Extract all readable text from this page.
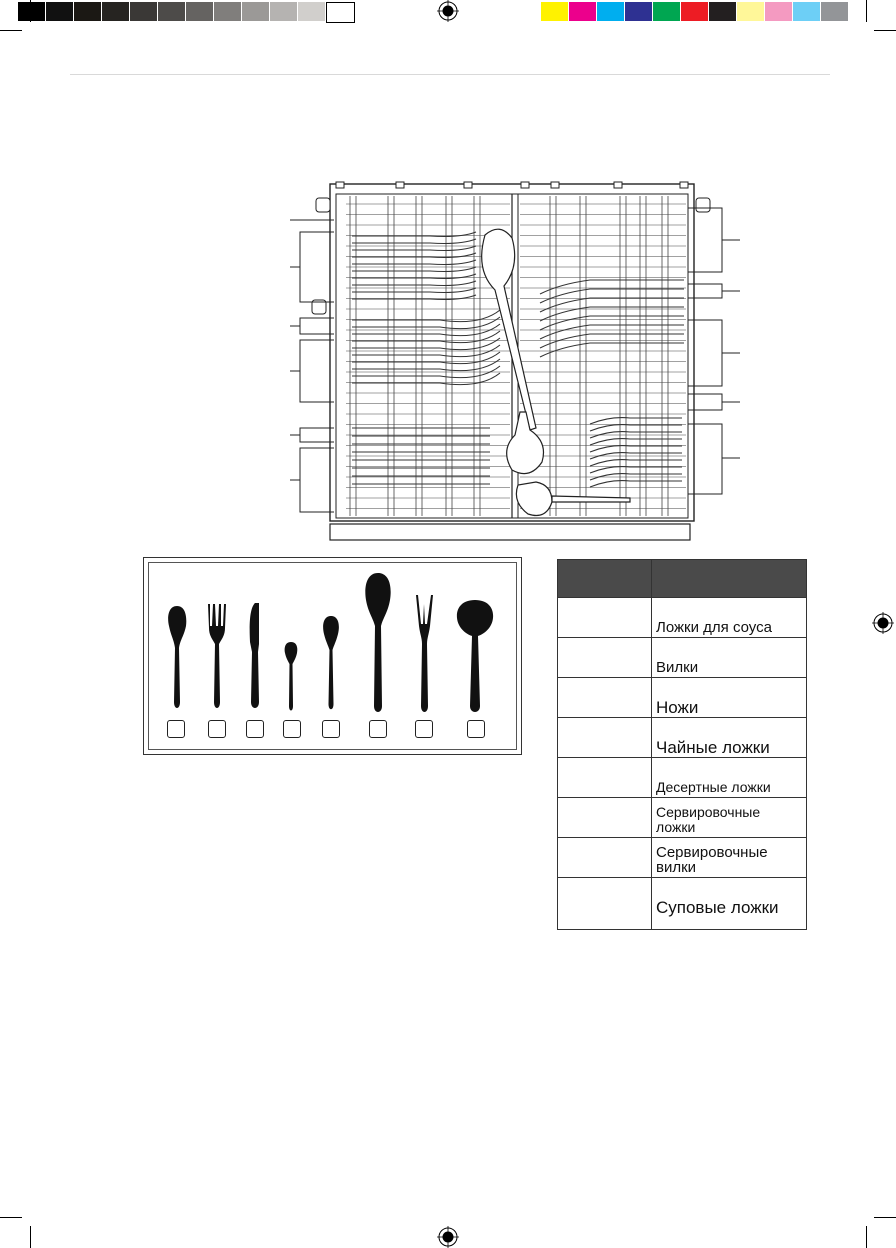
	Ложки для соуса
	Вилки
	Ножи
	Чайные ложки
	Десертные ложки
	Сервировочные ложки
	Сервировочные вилки
	Суповые ложки
